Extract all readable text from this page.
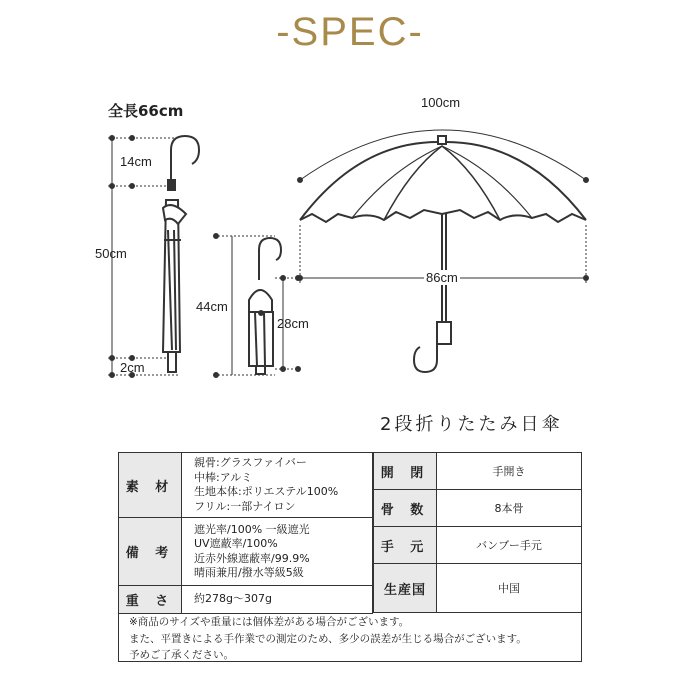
-SPEC-
全長66cm
14cm
50cm
2cm
44cm
28cm
100cm
86cm
2段折りたたみ日傘
素 材	親骨:グラスファイバー
中棒:アルミ
生地本体:ポリエステル100%
フリル:一部ナイロン

備 考	遮光率/100% 一級遮光
UV遮蔽率/100%
近赤外線遮蔽率/99.9%
晴雨兼用/撥水等級5級

重 さ	約278g～307g
開 閉	手開き
骨 数	8本骨
手 元	バンブー手元
生産国	中国
※商品のサイズや重量には個体差がある場合がございます。
また、平置きによる手作業での測定のため、多少の誤差が生じる場合がございます。
予めご了承ください。
